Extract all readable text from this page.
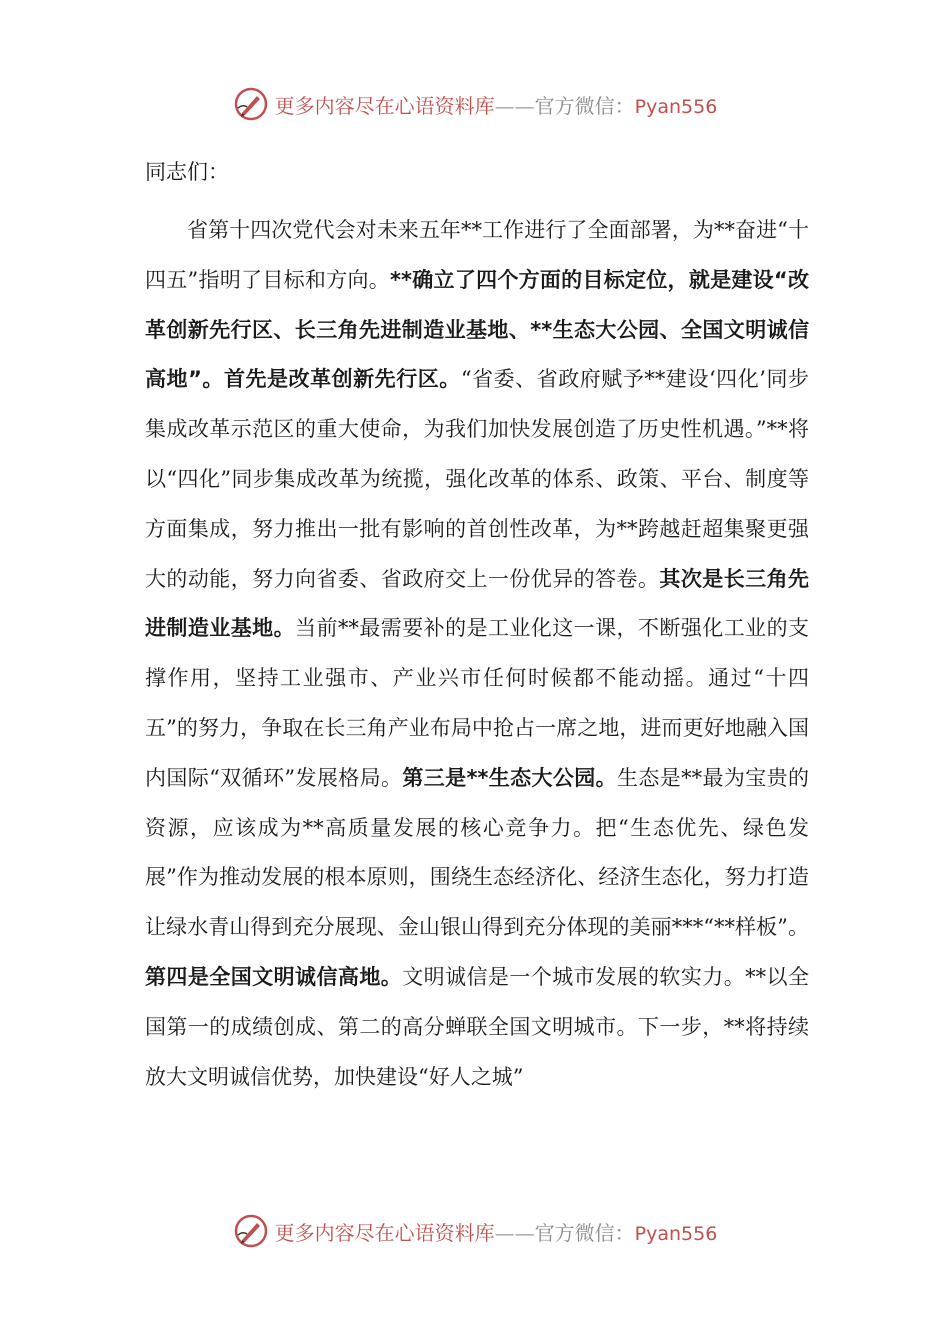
更多内容尽在心语资料库——官方微信：Pyan556

同志们：

省第十四次党代会对未来五年**工作进行了全面部署，为**奋进“十四五”指明了目标和方向。**确立了四个方面的目标定位，就是建设“改革创新先行区、长三角先进制造业基地、**生态大公园、全国文明诚信高地”。首先是改革创新先行区。“省委、省政府赋予**建设‘四化’同步集成改革示范区的重大使命，为我们加快发展创造了历史性机遇。”**将以“四化”同步集成改革为统揽，强化改革的体系、政策、平台、制度等方面集成，努力推出一批有影响的首创性改革，为**跨越赶超集聚更强大的动能，努力向省委、省政府交上一份优异的答卷。其次是长三角先进制造业基地。当前**最需要补的是工业化这一课，不断强化工业的支撑作用，坚持工业强市、产业兴市任何时候都不能动摇。通过“十四五”的努力，争取在长三角产业布局中抢占一席之地，进而更好地融入国内国际“双循环”发展格局。第三是**生态大公园。生态是**最为宝贵的资源，应该成为**高质量发展的核心竞争力。把“生态优先、绿色发展”作为推动发展的根本原则，围绕生态经济化、经济生态化，努力打造让绿水青山得到充分展现、金山银山得到充分体现的美丽***“**样板”。第四是全国文明诚信高地。文明诚信是一个城市发展的软实力。**以全国第一的成绩创成、第二的高分蝉联全国文明城市。下一步，**将持续放大文明诚信优势，加快建设“好人之城”

更多内容尽在心语资料库——官方微信：Pyan556
